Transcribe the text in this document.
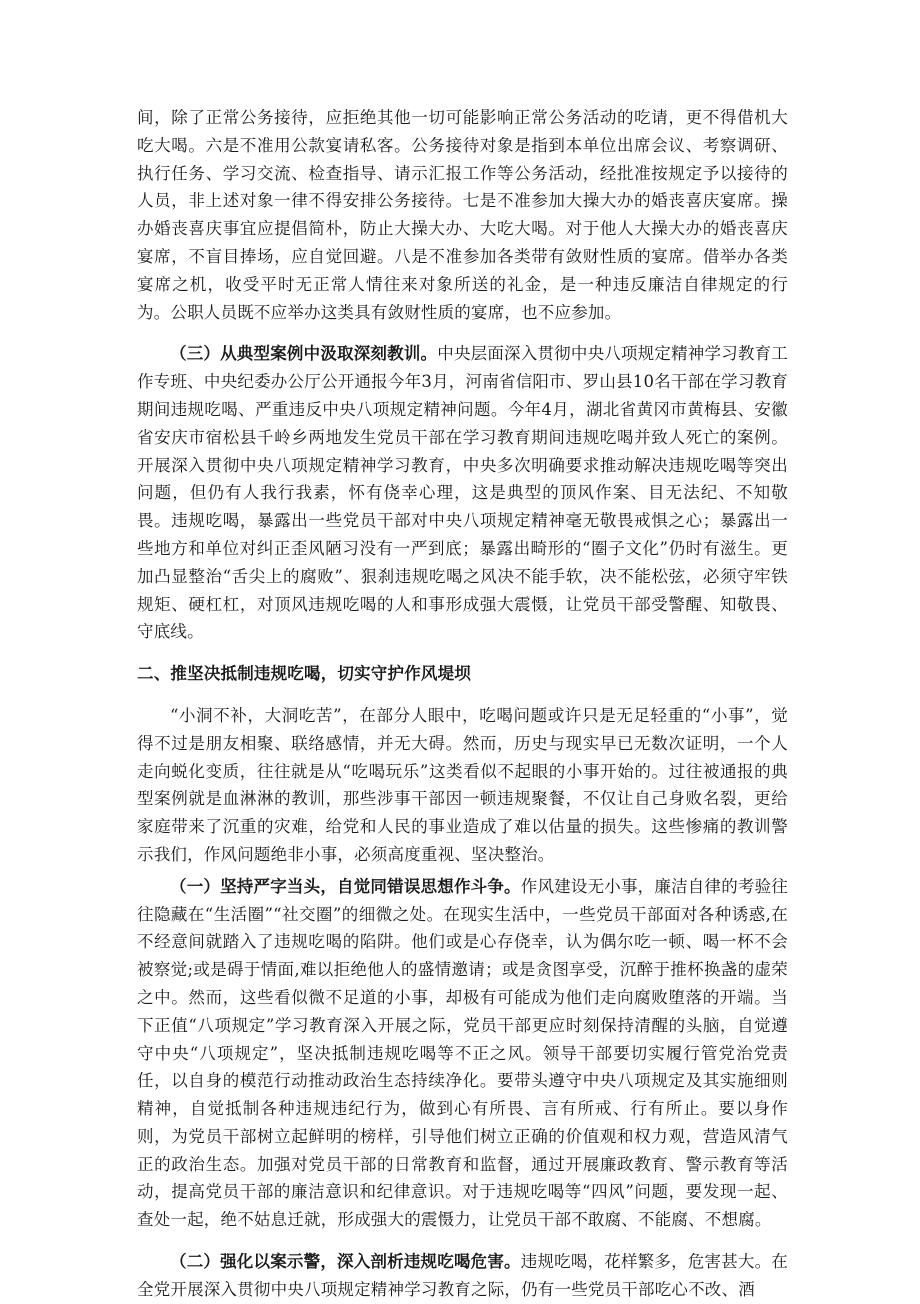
间，除了正常公务接待，应拒绝其他一切可能影响正常公务活动的吃请，更不得借机大吃大喝。六是不准用公款宴请私客。公务接待对象是指到本单位出席会议、考察调研、执行任务、学习交流、检查指导、请示汇报工作等公务活动，经批准按规定予以接待的人员，非上述对象一律不得安排公务接待。七是不准参加大操大办的婚丧喜庆宴席。操办婚丧喜庆事宜应提倡简朴，防止大操大办、大吃大喝。对于他人大操大办的婚丧喜庆宴席，不盲目捧场，应自觉回避。八是不准参加各类带有敛财性质的宴席。借举办各类宴席之机，收受平时无正常人情往来对象所送的礼金，是一种违反廉洁自律规定的行为。公职人员既不应举办这类具有敛财性质的宴席，也不应参加。

（三）从典型案例中汲取深刻教训。中央层面深入贯彻中央八项规定精神学习教育工作专班、中央纪委办公厅公开通报今年3月，河南省信阳市、罗山县10名干部在学习教育期间违规吃喝、严重违反中央八项规定精神问题。今年4月，湖北省黄冈市黄梅县、安徽省安庆市宿松县千岭乡两地发生党员干部在学习教育期间违规吃喝并致人死亡的案例。开展深入贯彻中央八项规定精神学习教育，中央多次明确要求推动解决违规吃喝等突出问题，但仍有人我行我素，怀有侥幸心理，这是典型的顶风作案、目无法纪、不知敬畏。违规吃喝，暴露出一些党员干部对中央八项规定精神毫无敬畏戒惧之心；暴露出一些地方和单位对纠正歪风陋习没有一严到底；暴露出畸形的“圈子文化”仍时有滋生。更加凸显整治“舌尖上的腐败”、狠刹违规吃喝之风决不能手软，决不能松弦，必须守牢铁规矩、硬杠杠，对顶风违规吃喝的人和事形成强大震慑，让党员干部受警醒、知敬畏、守底线。

二、推坚决抵制违规吃喝，切实守护作风堤坝

“小洞不补，大洞吃苦”，在部分人眼中，吃喝问题或许只是无足轻重的“小事”，觉得不过是朋友相聚、联络感情，并无大碍。然而，历史与现实早已无数次证明，一个人走向蜕化变质，往往就是从“吃喝玩乐”这类看似不起眼的小事开始的。过往被通报的典型案例就是血淋淋的教训，那些涉事干部因一顿违规聚餐，不仅让自己身败名裂，更给家庭带来了沉重的灾难，给党和人民的事业造成了难以估量的损失。这些惨痛的教训警示我们，作风问题绝非小事，必须高度重视、坚决整治。

（一）坚持严字当头，自觉同错误思想作斗争。作风建设无小事，廉洁自律的考验往往隐藏在“生活圈”“社交圈”的细微之处。在现实生活中，一些党员干部面对各种诱惑,在不经意间就踏入了违规吃喝的陷阱。他们或是心存侥幸，认为偶尔吃一顿、喝一杯不会被察觉;或是碍于情面,难以拒绝他人的盛情邀请；或是贪图享受，沉醉于推杯换盏的虚荣之中。然而，这些看似微不足道的小事，却极有可能成为他们走向腐败堕落的开端。当下正值“八项规定”学习教育深入开展之际，党员干部更应时刻保持清醒的头脑，自觉遵守中央“八项规定”，坚决抵制违规吃喝等不正之风。领导干部要切实履行管党治党责任，以自身的模范行动推动政治生态持续净化。要带头遵守中央八项规定及其实施细则精神，自觉抵制各种违规违纪行为，做到心有所畏、言有所戒、行有所止。要以身作则，为党员干部树立起鲜明的榜样，引导他们树立正确的价值观和权力观，营造风清气正的政治生态。加强对党员干部的日常教育和监督，通过开展廉政教育、警示教育等活动，提高党员干部的廉洁意识和纪律意识。对于违规吃喝等“四风”问题，要发现一起、查处一起，绝不姑息迁就，形成强大的震慑力，让党员干部不敢腐、不能腐、不想腐。

（二）强化以案示警，深入剖析违规吃喝危害。违规吃喝，花样繁多，危害甚大。在全党开展深入贯彻中央八项规定精神学习教育之际，仍有一些党员干部吃心不改、酒
